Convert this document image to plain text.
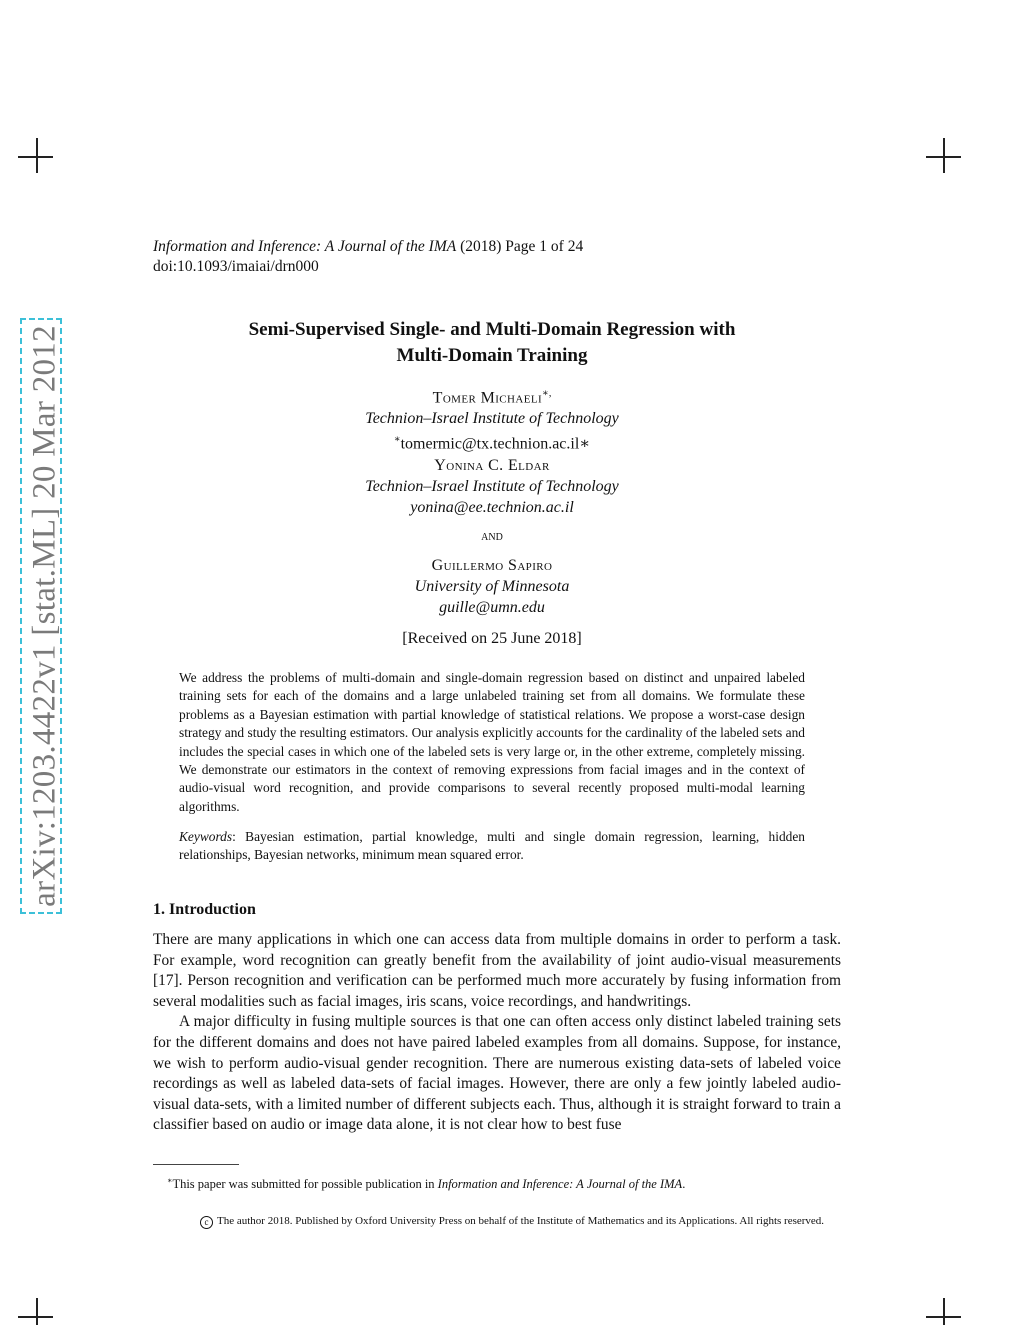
arXiv:1203.4422v1 [stat.ML] 20 Mar 2012
Information and Inference: A Journal of the IMA (2018) Page 1 of 24
doi:10.1093/imaiai/drn000
Semi-Supervised Single- and Multi-Domain Regression with
Multi-Domain Training
Tomer Michaeli∗,
Technion–Israel Institute of Technology
∗tomermic@tx.technion.ac.il∗
Yonina C. Eldar
Technion–Israel Institute of Technology
yonina@ee.technion.ac.il
and
Guillermo Sapiro
University of Minnesota
guille@umn.edu
[Received on 25 June 2018]
We address the problems of multi-domain and single-domain regression based on distinct and unpaired labeled training sets for each of the domains and a large unlabeled training set from all domains. We formulate these problems as a Bayesian estimation with partial knowledge of statistical relations. We propose a worst-case design strategy and study the resulting estimators. Our analysis explicitly accounts for the cardinality of the labeled sets and includes the special cases in which one of the labeled sets is very large or, in the other extreme, completely missing. We demonstrate our estimators in the context of removing expressions from facial images and in the context of audio-visual word recognition, and provide comparisons to several recently proposed multi-modal learning algorithms.
Keywords: Bayesian estimation, partial knowledge, multi and single domain regression, learning, hidden relationships, Bayesian networks, minimum mean squared error.
1. Introduction

There are many applications in which one can access data from multiple domains in order to perform a task. For example, word recognition can greatly benefit from the availability of joint audio-visual measurements [17]. Person recognition and verification can be performed much more accurately by fusing information from several modalities such as facial images, iris scans, voice recordings, and handwritings.

A major difficulty in fusing multiple sources is that one can often access only distinct labeled training sets for the different domains and does not have paired labeled examples from all domains. Suppose, for instance, we wish to perform audio-visual gender recognition. There are numerous existing data-sets of labeled voice recordings as well as labeled data-sets of facial images. However, there are only a few jointly labeled audio-visual data-sets, with a limited number of different subjects each. Thus, although it is straight forward to train a classifier based on audio or image data alone, it is not clear how to best fuse

∗This paper was submitted for possible publication in Information and Inference: A Journal of the IMA.
c The author 2018. Published by Oxford University Press on behalf of the Institute of Mathematics and its Applications. All rights reserved.
